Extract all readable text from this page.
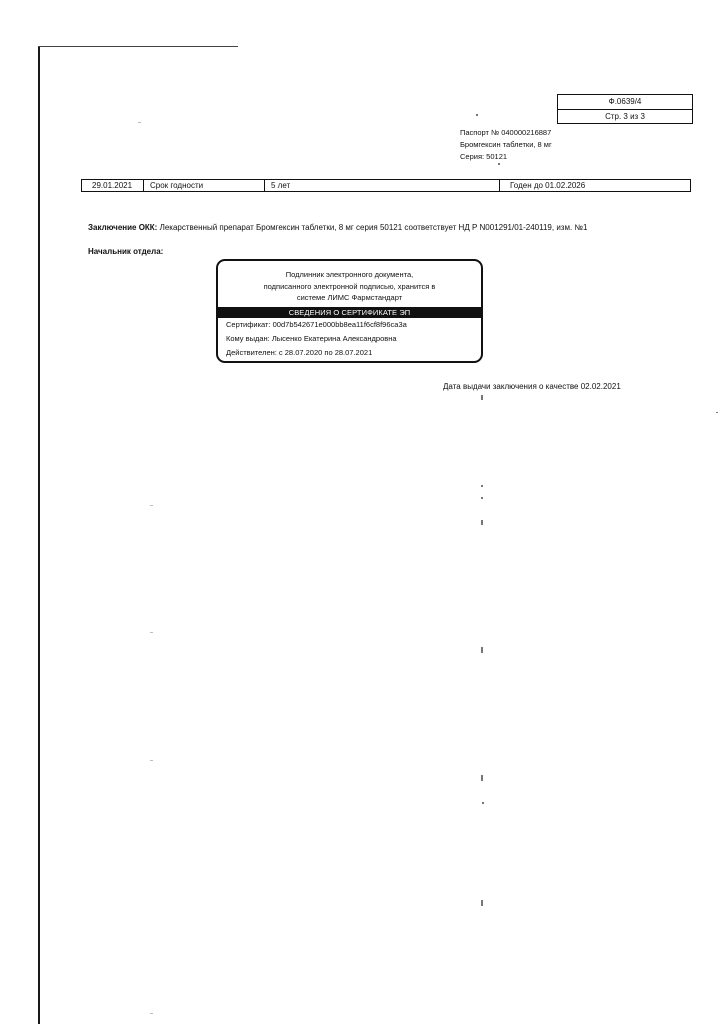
Ф.0639/4
Стр. 3 из 3
Паспорт № 040000216887
Бромгексин таблетки, 8 мг
Серия: 50121
29.01.2021	Срок годности	5 лет	Годен до 01.02.2026
Заключение ОКК: Лекарственный препарат Бромгексин таблетки, 8 мг серия 50121 соответствует НД Р N001291/01-240119, изм. №1
Начальник отдела:
Подлинник электронного документа,
подписанного электронной подписью, хранится в
системе ЛИМС Фармстандарт
СВЕДЕНИЯ О СЕРТИФИКАТЕ ЭП
Сертификат: 00d7b542671e000bb8ea11f6cf8f96ca3a
Кому выдан: Лысенко Екатерина Александровна
Действителен: с 28.07.2020 по 28.07.2021
Дата выдачи заключения о качестве 02.02.2021
